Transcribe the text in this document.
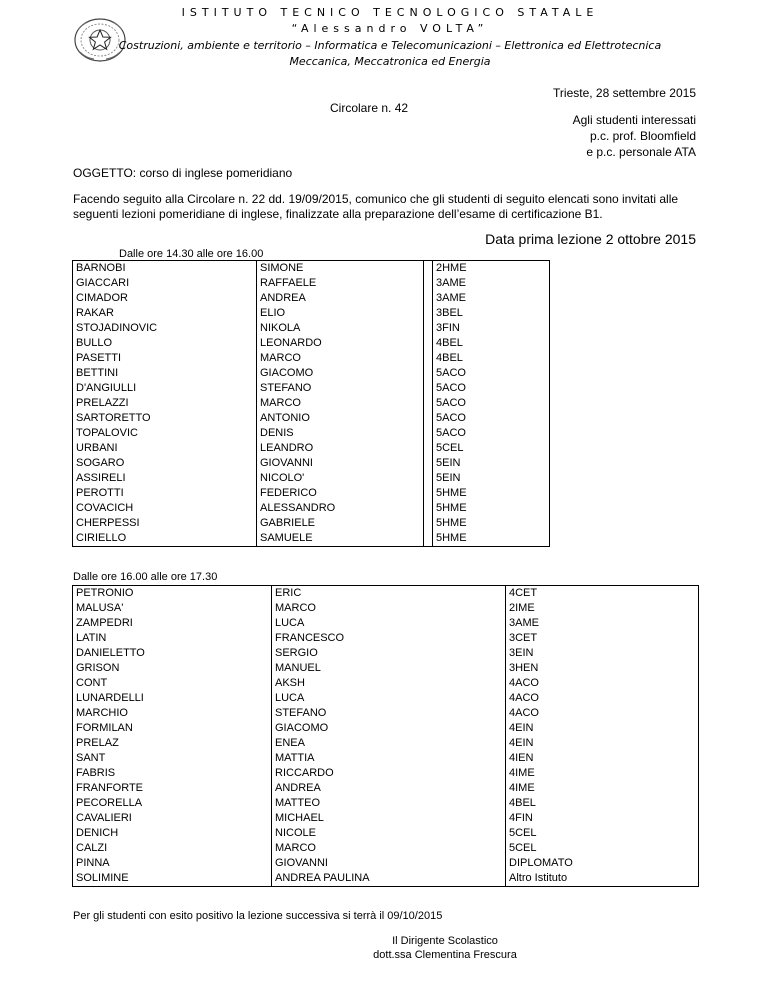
ISTITUTO TECNICO TECNOLOGICO STATALE
“Alessandro VOLTA”
Costruzioni, ambiente e territorio – Informatica e Telecomunicazioni – Elettronica ed Elettrotecnica
Meccanica, Meccatronica ed Energia
Trieste, 28 settembre 2015
Circolare n. 42
Agli studenti interessati
p.c. prof. Bloomfield
e p.c. personale ATA
OGGETTO: corso di inglese pomeridiano
Facendo seguito alla Circolare n. 22 dd. 19/09/2015, comunico che gli studenti di seguito elencati sono invitati alle seguenti lezioni pomeridiane di inglese, finalizzate alla preparazione dell’esame di certificazione B1.
Data prima lezione 2 ottobre 2015
Dalle ore 14.30 alle ore 16.00
BARNOBI	SIMONE		2HME
GIACCARI	RAFFAELE		3AME
CIMADOR	ANDREA		3AME
RAKAR	ELIO		3BEL
STOJADINOVIC	NIKOLA		3FIN
BULLO	LEONARDO		4BEL
PASETTI	MARCO		4BEL
BETTINI	GIACOMO		5ACO
D'ANGIULLI	STEFANO		5ACO
PRELAZZI	MARCO		5ACO
SARTORETTO	ANTONIO		5ACO
TOPALOVIC	DENIS		5ACO
URBANI	LEANDRO		5CEL
SOGARO	GIOVANNI		5EIN
ASSIRELI	NICOLO'		5EIN
PEROTTI	FEDERICO		5HME
COVACICH	ALESSANDRO		5HME
CHERPESSI	GABRIELE		5HME
CIRIELLO	SAMUELE		5HME
Dalle ore 16.00 alle ore 17.30
PETRONIO	ERIC	4CET
MALUSA'	MARCO	2IME
ZAMPEDRI	LUCA	3AME
LATIN	FRANCESCO	3CET
DANIELETTO	SERGIO	3EIN
GRISON	MANUEL	3HEN
CONT	AKSH	4ACO
LUNARDELLI	LUCA	4ACO
MARCHIO	STEFANO	4ACO
FORMILAN	GIACOMO	4EIN
PRELAZ	ENEA	4EIN
SANT	MATTIA	4IEN
FABRIS	RICCARDO	4IME
FRANFORTE	ANDREA	4IME
PECORELLA	MATTEO	4BEL
CAVALIERI	MICHAEL	4FIN
DENICH	NICOLE	5CEL
CALZI	MARCO	5CEL
PINNA	GIOVANNI	DIPLOMATO
SOLIMINE	ANDREA PAULINA	Altro Istituto
Per gli studenti con esito positivo la lezione successiva si terrà il 09/10/2015
Il Dirigente Scolastico
dott.ssa Clementina Frescura
